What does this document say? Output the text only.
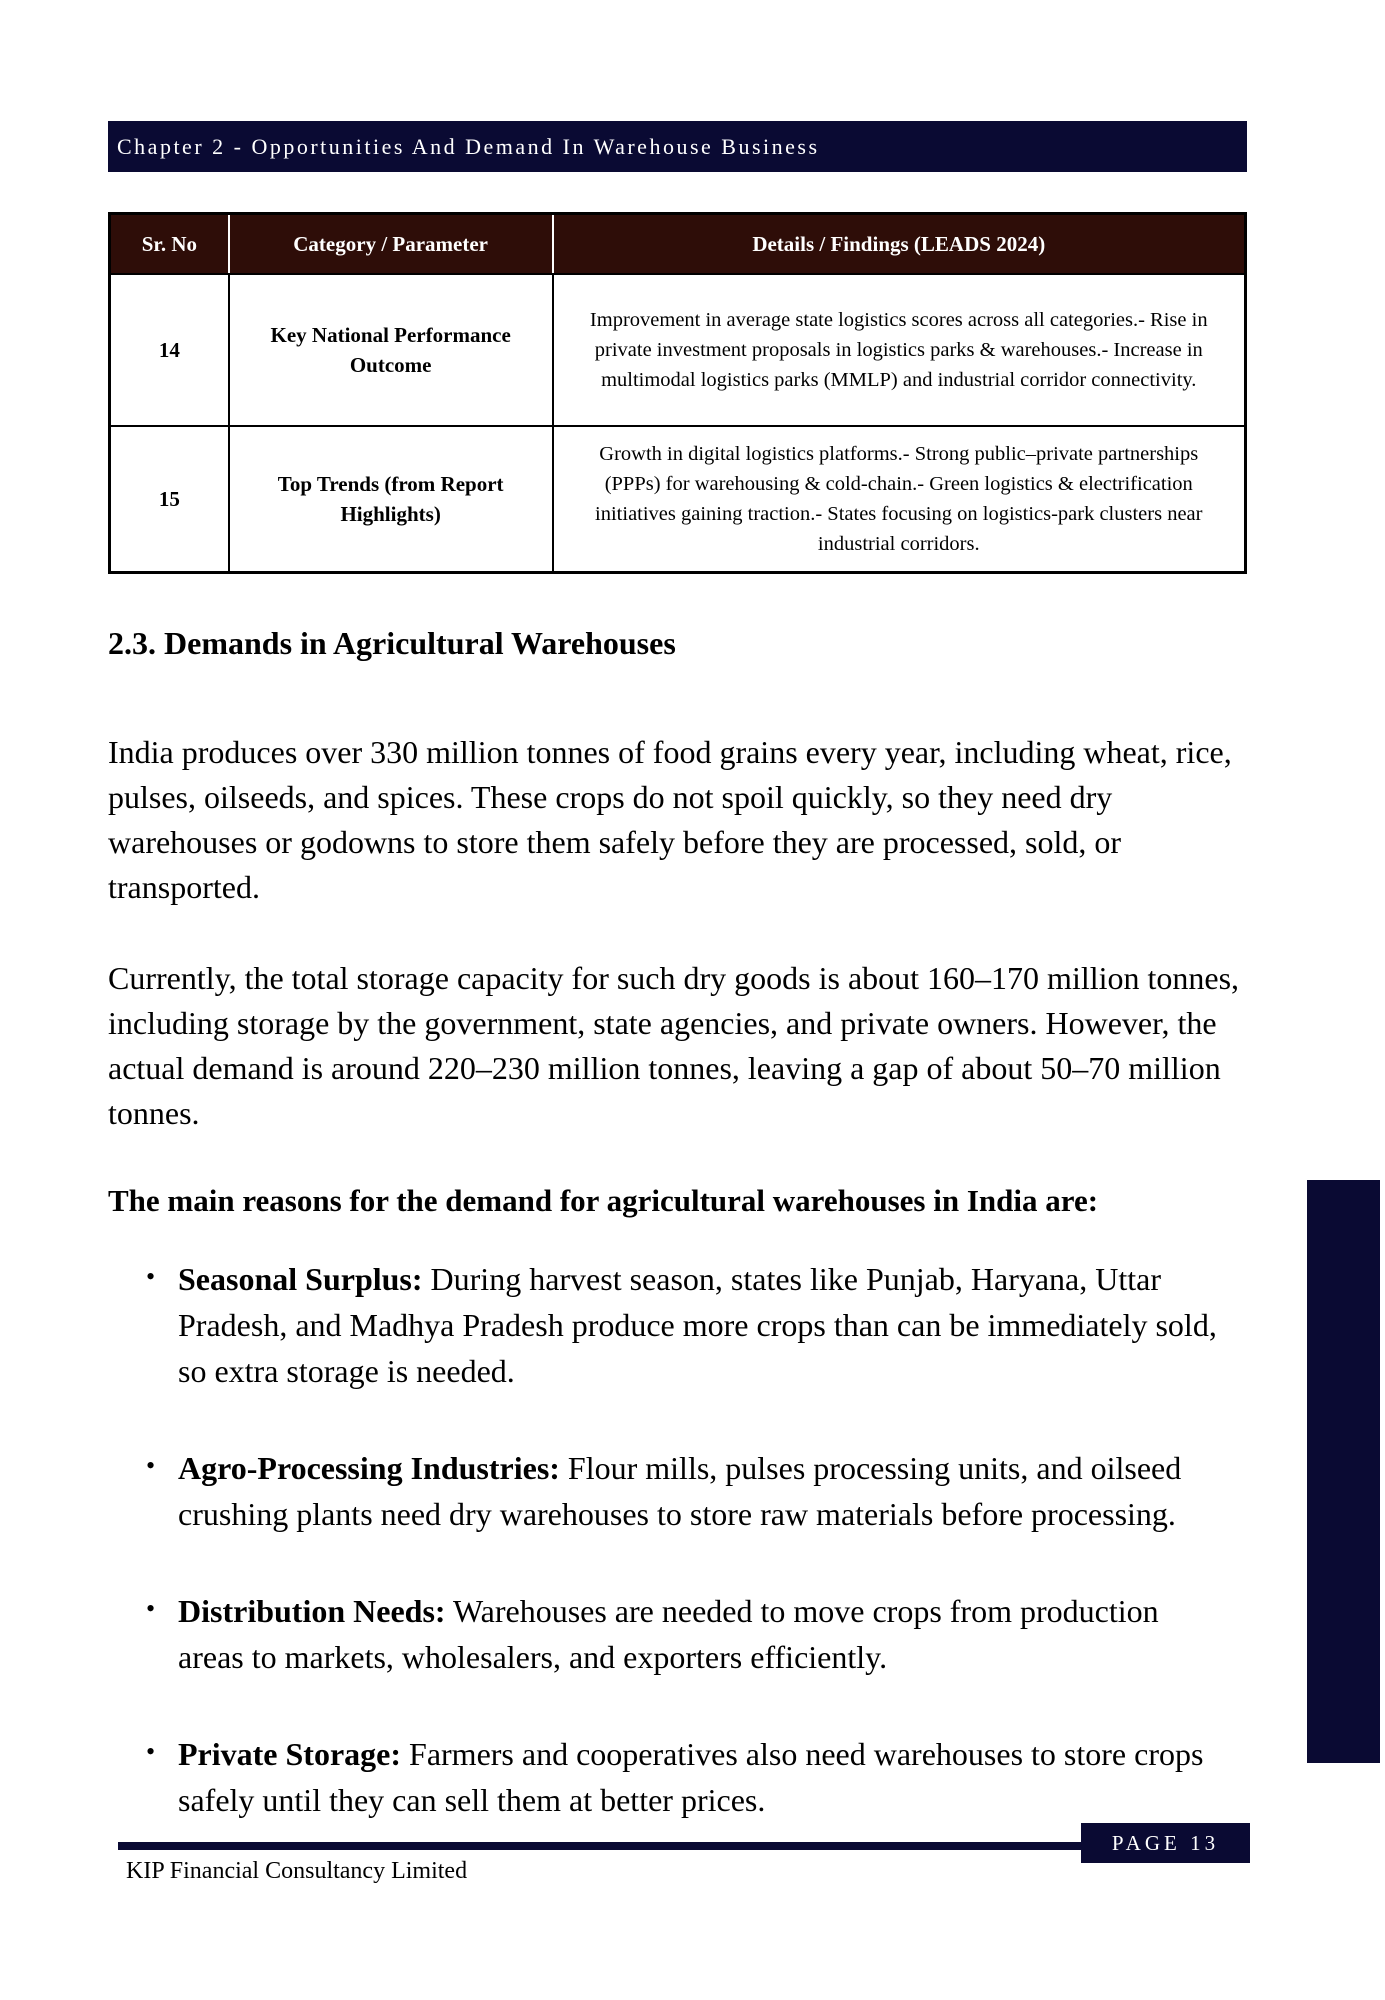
Chapter 2 - Opportunities And Demand In Warehouse Business
Sr. No	Category / Parameter	Details / Findings (LEADS 2024)
14	Key National Performance Outcome	Improvement in average state logistics scores across all categories.- Rise in private investment proposals in logistics parks & warehouses.- Increase in multimodal logistics parks (MMLP) and industrial corridor connectivity.
15	Top Trends (from Report Highlights)	Growth in digital logistics platforms.- Strong public–private partnerships (PPPs) for warehousing & cold-chain.- Green logistics & electrification initiatives gaining traction.- States focusing on logistics-park clusters near industrial corridors.
2.3. Demands in Agricultural Warehouses

India produces over 330 million tonnes of food grains every year, including wheat, rice, pulses, oilseeds, and spices. These crops do not spoil quickly, so they need dry warehouses or godowns to store them safely before they are processed, sold, or transported.

Currently, the total storage capacity for such dry goods is about 160–170 million tonnes, including storage by the government, state agencies, and private owners. However, the actual demand is around 220–230 million tonnes, leaving a gap of about 50–70 million tonnes.

The main reasons for the demand for agricultural warehouses in India are:

• Seasonal Surplus: During harvest season, states like Punjab, Haryana, Uttar Pradesh, and Madhya Pradesh produce more crops than can be immediately sold, so extra storage is needed.
• Agro-Processing Industries: Flour mills, pulses processing units, and oilseed crushing plants need dry warehouses to store raw materials before processing.
• Distribution Needs: Warehouses are needed to move crops from production areas to markets, wholesalers, and exporters efficiently.
• Private Storage: Farmers and cooperatives also need warehouses to store crops safely until they can sell them at better prices.
PAGE 13
KIP Financial Consultancy Limited
